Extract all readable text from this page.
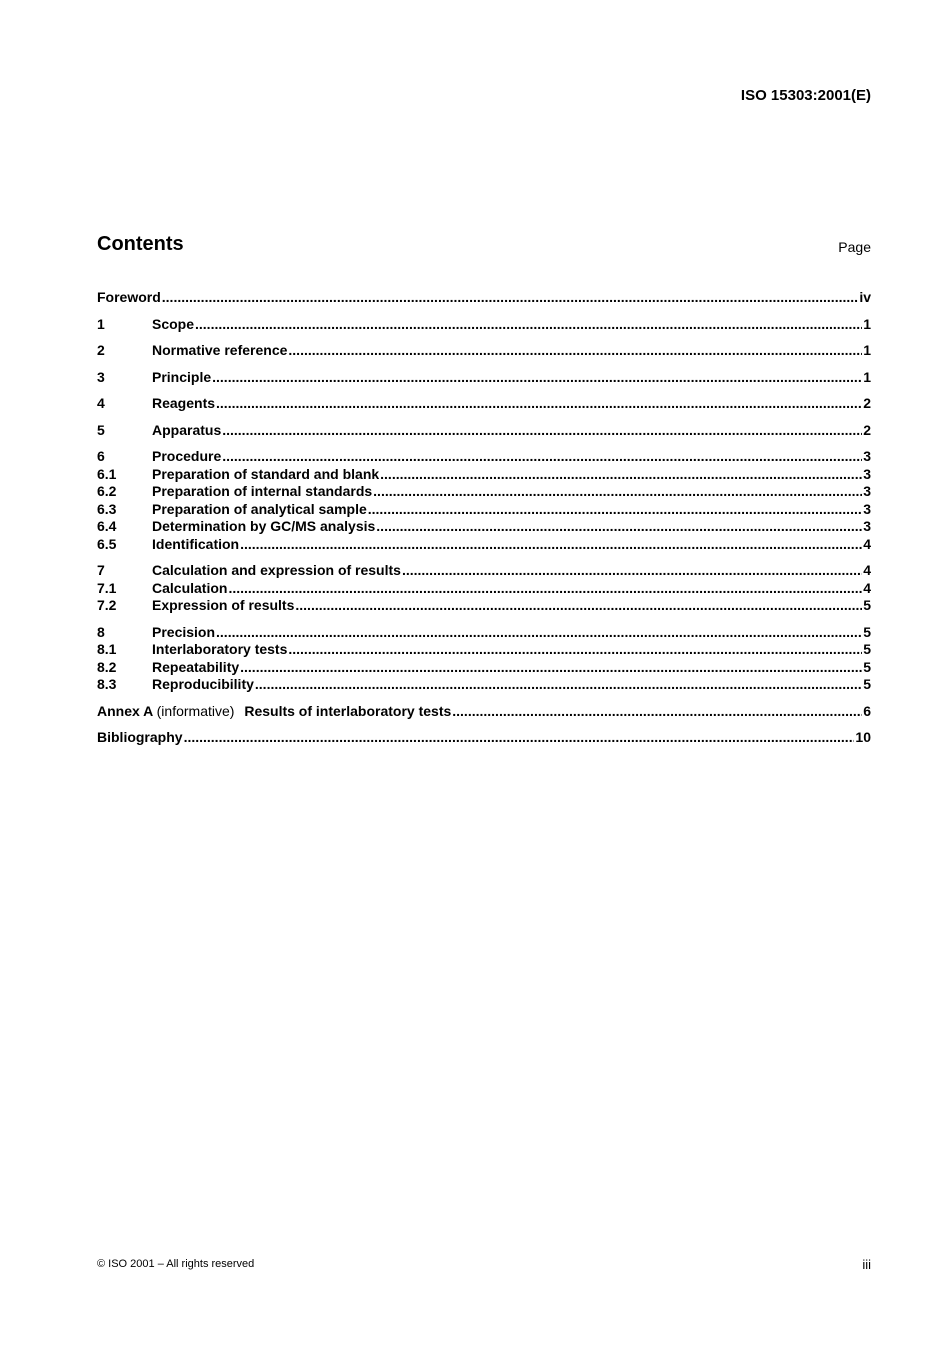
ISO 15303:2001(E)
Contents	Page
Foreword .....	iv
1	Scope .....	1
2	Normative reference .....	1
3	Principle .....	1
4	Reagents .....	2
5	Apparatus .....	2
6	Procedure .....	3
6.1	Preparation of standard and blank .....	3
6.2	Preparation of internal standards .....	3
6.3	Preparation of analytical sample .....	3
6.4	Determination by GC/MS analysis .....	3
6.5	Identification .....	4
7	Calculation and expression of results .....	4
7.1	Calculation .....	4
7.2	Expression of results .....	5
8	Precision .....	5
8.1	Interlaboratory tests .....	5
8.2	Repeatability .....	5
8.3	Reproducibility .....	5
Annex A (informative) Results of interlaboratory tests .....	6
Bibliography .....	10
© ISO 2001 – All rights reserved	iii
